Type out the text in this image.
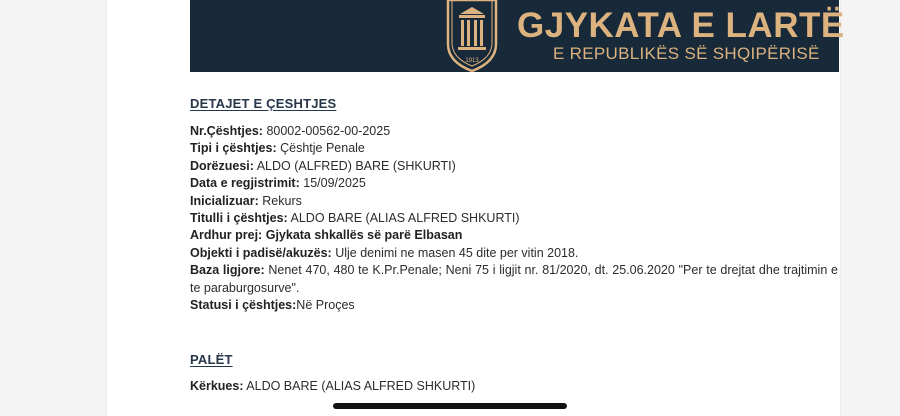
1913
GJYKATA E LARTË
E REPUBLIKËS SË SHQIPËRISË
DETAJET E ÇESHTJES
Nr.Çështjes: 80002-00562-00-2025
Tipi i çështjes: Çështje Penale
Dorëzuesi: ALDO (ALFRED) BARE (SHKURTI)
Data e regjistrimit: 15/09/2025
Inicializuar: Rekurs
Titulli i çështjes: ALDO BARE (ALIAS ALFRED SHKURTI)
Ardhur prej: Gjykata shkallës së parë Elbasan
Objekti i padisë/akuzës: Ulje denimi ne masen 45 dite per vitin 2018.
Baza ligjore: Nenet 470, 480 te K.Pr.Penale; Neni 75 i ligjit nr. 81/2020, dt. 25.06.2020 "Per te drejtat dhe trajtimin e te paraburgosurve".
Statusi i çështjes:Në Proçes
PALËT
Kërkues: ALDO BARE (ALIAS ALFRED SHKURTI)
